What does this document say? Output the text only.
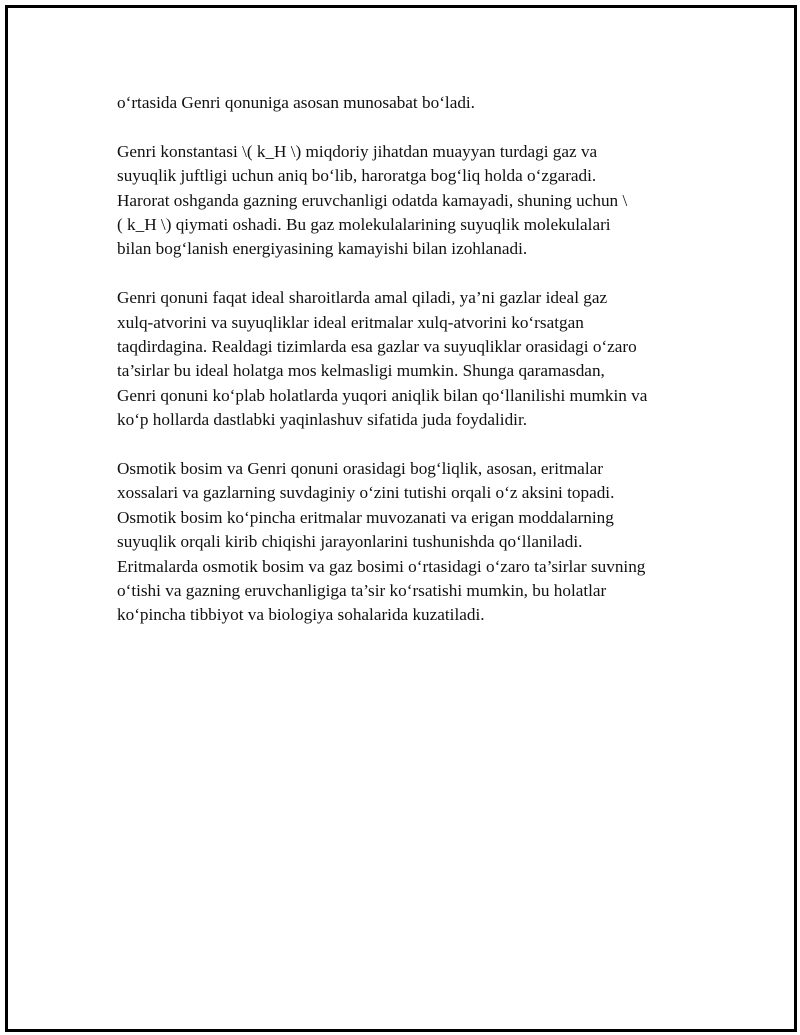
o‘rtasida Genri qonuniga asosan munosabat bo‘ladi.

Genri konstantasi \( k_H \) miqdoriy jihatdan muayyan turdagi gaz va
suyuqlik juftligi uchun aniq bo‘lib, haroratga bog‘liq holda o‘zgaradi.
Harorat oshganda gazning eruvchanligi odatda kamayadi, shuning uchun \
( k_H \) qiymati oshadi. Bu gaz molekulalarining suyuqlik molekulalari
bilan bog‘lanish energiyasining kamayishi bilan izohlanadi.

Genri qonuni faqat ideal sharoitlarda amal qiladi, ya’ni gazlar ideal gaz
xulq-atvorini va suyuqliklar ideal eritmalar xulq-atvorini ko‘rsatgan
taqdirdagina. Realdagi tizimlarda esa gazlar va suyuqliklar orasidagi o‘zaro
ta’sirlar bu ideal holatga mos kelmasligi mumkin. Shunga qaramasdan,
Genri qonuni ko‘plab holatlarda yuqori aniqlik bilan qo‘llanilishi mumkin va
ko‘p hollarda dastlabki yaqinlashuv sifatida juda foydalidir.

Osmotik bosim va Genri qonuni orasidagi bog‘liqlik, asosan, eritmalar
xossalari va gazlarning suvdaginiy o‘zini tutishi orqali o‘z aksini topadi.
Osmotik bosim ko‘pincha eritmalar muvozanati va erigan moddalarning
suyuqlik orqali kirib chiqishi jarayonlarini tushunishda qo‘llaniladi.
Eritmalarda osmotik bosim va gaz bosimi o‘rtasidagi o‘zaro ta’sirlar suvning
o‘tishi va gazning eruvchanligiga ta’sir ko‘rsatishi mumkin, bu holatlar
ko‘pincha tibbiyot va biologiya sohalarida kuzatiladi.
